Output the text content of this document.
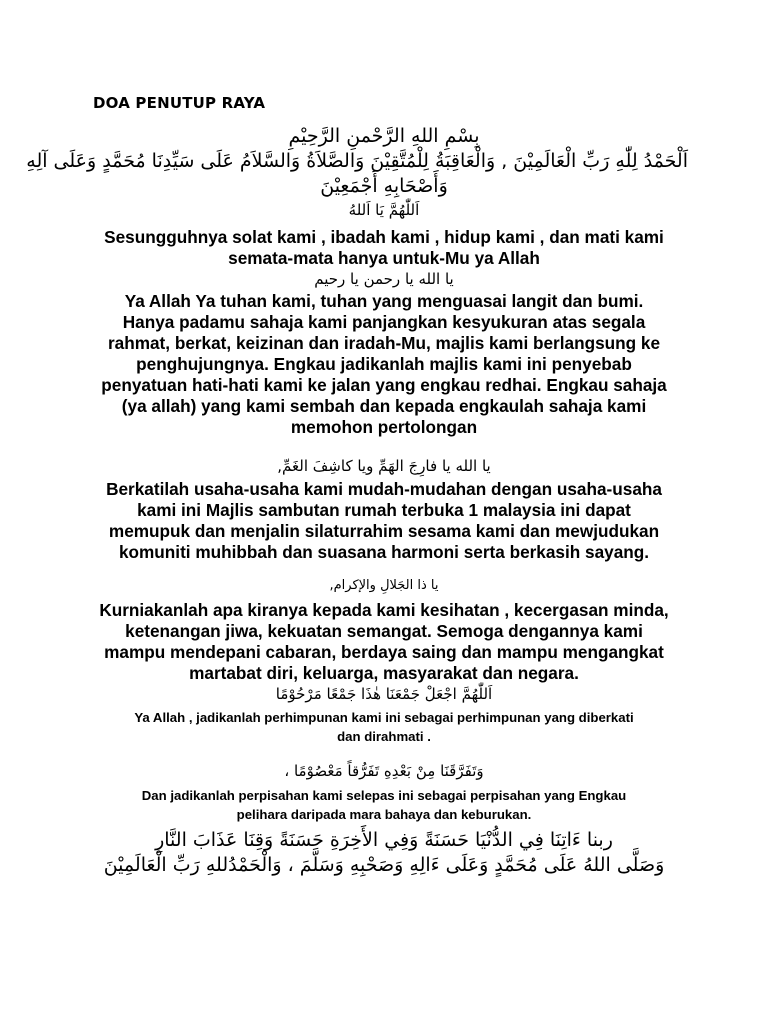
DOA PENUTUP RAYA
بِسْمِ اللهِ الرَّحْمنِ الرَّحِيْمِ
اَلْحَمْدُ لِلّٰهِ رَبِّ الْعَالَمِيْنَ , وَالْعَاقِبَةُ لِلْمُتَّقِيْنَ وَالصَّلاَةُ وَالسَّلاَمُ عَلَى سَيِّدِنَا مُحَمَّدٍ وَعَلَى آلِهِ
وَأَصْحَابِهِ أَجْمَعِيْنَ
اَللّٰهُمَّ يَا اَللهُ
Sesungguhnya solat kami , ibadah kami , hidup kami , dan mati kami
semata-mata hanya untuk-Mu ya Allah
يا الله يا رحمن يا رحيم
Ya Allah Ya tuhan kami, tuhan yang menguasai langit dan bumi.
Hanya padamu sahaja kami panjangkan kesyukuran atas segala
rahmat, berkat, keizinan dan iradah-Mu, majlis kami berlangsung ke
penghujungnya. Engkau jadikanlah majlis kami ini penyebab
penyatuan hati-hati kami ke jalan yang engkau redhai. Engkau sahaja
(ya allah) yang kami sembah dan kepada engkaulah sahaja kami
memohon pertolongan
يا الله يا فارِجَ الهَمِّ ويا كاشِفَ الغَمِّ,
Berkatilah usaha-usaha kami mudah-mudahan dengan usaha-usaha
kami ini Majlis sambutan rumah terbuka 1 malaysia ini dapat
memupuk dan menjalin silaturrahim sesama kami dan mewjudukan
komuniti muhibbah dan suasana harmoni serta berkasih sayang.
يا ذا الجَلالِ والإكرام,
Kurniakanlah apa kiranya kepada kami kesihatan , kecergasan minda,
ketenangan jiwa, kekuatan semangat. Semoga dengannya kami
mampu mendepani cabaran, berdaya saing dan mampu mengangkat
martabat diri, keluarga, masyarakat dan negara.
اَللّٰهُمَّ اجْعَلْ جَمْعَنَا هٰذَا جَمْعًا مَرْحُوْمًا
Ya Allah , jadikanlah perhimpunan kami ini sebagai perhimpunan yang diberkati
dan dirahmati .
وَتَفَرَّقَنَا مِنْ بَعْدِهِ تَفَرُّقاً مَعْصُوْمًا ،
Dan jadikanlah perpisahan kami selepas ini sebagai perpisahan yang Engkau
pelihara daripada mara bahaya dan keburukan.
ربنا ءَاتِنَا فِي الدُّنْيَا حَسَنَةً وَفِي الأَخِرَةِ حَسَنَةً وَقِنَا عَذَابَ النَّارِ
وَصَلَّى اللهُ عَلَى مُحَمَّدٍ وَعَلَى ءَالِهِ وَصَحْبِهِ وَسَلَّمَ ، وَالْحَمْدُللهِ رَبِّ الْعَالَمِيْنَ
